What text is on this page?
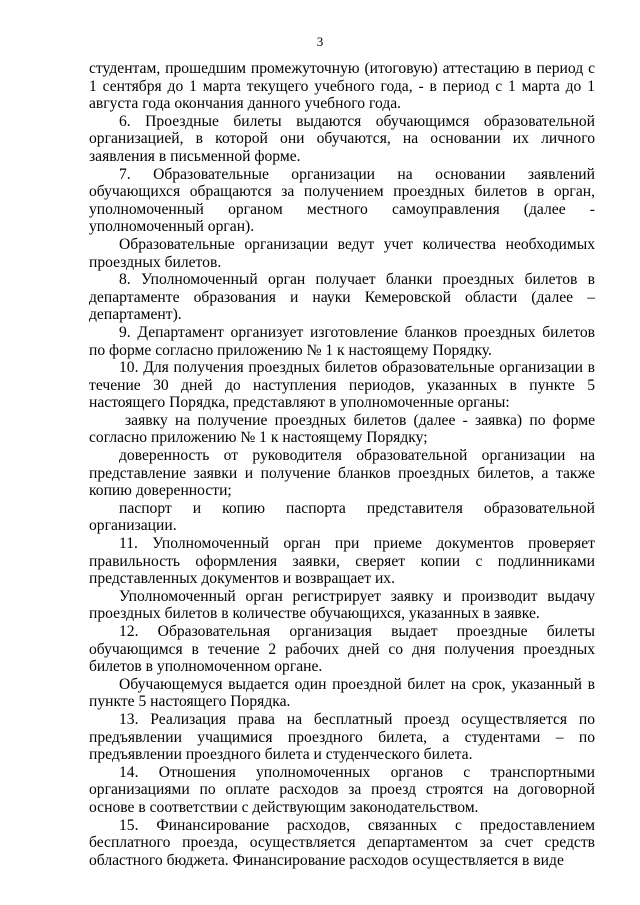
3

студентам, прошедшим промежуточную (итоговую) аттестацию в период с 1 сентября до 1 марта текущего учебного года, - в период с 1 марта до 1 августа года окончания данного учебного года.

6. Проездные билеты выдаются обучающимся образовательной организацией, в которой они обучаются, на основании их личного заявления в письменной форме.

7. Образовательные организации на основании заявлений обучающихся обращаются за получением проездных билетов в орган, уполномоченный органом местного самоуправления (далее - уполномоченный орган).

Образовательные организации ведут учет количества необходимых проездных билетов.

8. Уполномоченный орган получает бланки проездных билетов в департаменте образования и науки Кемеровской области (далее – департамент).

9. Департамент организует изготовление бланков проездных билетов по форме согласно приложению № 1 к настоящему Порядку.

10. Для получения проездных билетов образовательные организации в течение 30 дней до наступления периодов, указанных в пункте 5 настоящего Порядка, представляют в уполномоченные органы:

заявку на получение проездных билетов (далее - заявка) по форме согласно приложению № 1 к настоящему Порядку;

доверенность от руководителя образовательной организации на представление заявки и получение бланков проездных билетов, а также копию доверенности;

паспорт и копию паспорта представителя образовательной организации.

11. Уполномоченный орган при приеме документов проверяет правильность оформления заявки, сверяет копии с подлинниками представленных документов и возвращает их.

Уполномоченный орган регистрирует заявку и производит выдачу проездных билетов в количестве обучающихся, указанных в заявке.

12. Образовательная организация выдает проездные билеты обучающимся в течение 2 рабочих дней со дня получения проездных билетов в уполномоченном органе.

Обучающемуся выдается один проездной билет на срок, указанный в пункте 5 настоящего Порядка.

13. Реализация права на бесплатный проезд осуществляется по предъявлении учащимися проездного билета, а студентами – по предъявлении проездного билета и студенческого билета.

14. Отношения уполномоченных органов с транспортными организациями по оплате расходов за проезд строятся на договорной основе в соответствии с действующим законодательством.

15. Финансирование расходов, связанных с предоставлением бесплатного проезда, осуществляется департаментом за счет средств областного бюджета. Финансирование расходов осуществляется в виде
